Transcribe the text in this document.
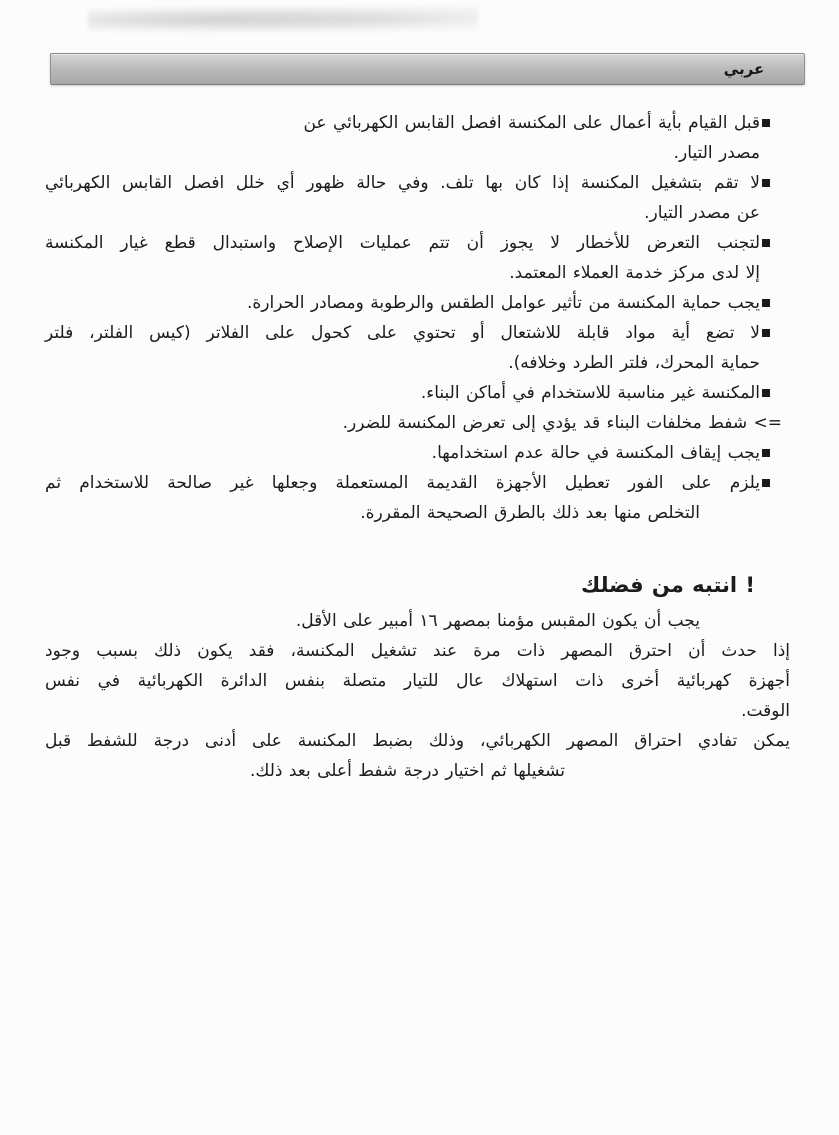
عربي
قبل القيام بأية أعمال على المكنسة افصل القابس الكهربائي عن
مصدر التيار.
لا تقم بتشغيل المكنسة إذا كان بها تلف. وفي حالة ظهور أي خلل افصل القابس الكهربائي
عن مصدر التيار.
لتجنب التعرض للأخطار لا يجوز أن تتم عمليات الإصلاح واستبدال قطع غيار المكنسة
إلا لدى مركز خدمة العملاء المعتمد.
يجب حماية المكنسة من تأثير عوامل الطقس والرطوبة ومصادر الحرارة.
لا تضع أية مواد قابلة للاشتعال أو تحتوي على كحول على الفلاتر (كيس الفلتر، فلتر
حماية المحرك، فلتر الطرد وخلافه).
المكنسة غير مناسبة للاستخدام في أماكن البناء.
=> شفط مخلفات البناء قد يؤدي إلى تعرض المكنسة للضرر.
يجب إيقاف المكنسة في حالة عدم استخدامها.
يلزم على الفور تعطيل الأجهزة القديمة المستعملة وجعلها غير صالحة للاستخدام ثم
التخلص منها بعد ذلك بالطرق الصحيحة المقررة.
! انتبه من فضلك
يجب أن يكون المقبس مؤمنا بمصهر ١٦ أمبير على الأقل.
إذا حدث أن احترق المصهر ذات مرة عند تشغيل المكنسة، فقد يكون ذلك بسبب وجود
أجهزة كهربائية أخرى ذات استهلاك عال للتيار متصلة بنفس الدائرة الكهربائية في نفس
الوقت.
يمكن تفادي احتراق المصهر الكهربائي، وذلك بضبط المكنسة على أدنى درجة للشفط قبل
تشغيلها ثم اختيار درجة شفط أعلى بعد ذلك.
